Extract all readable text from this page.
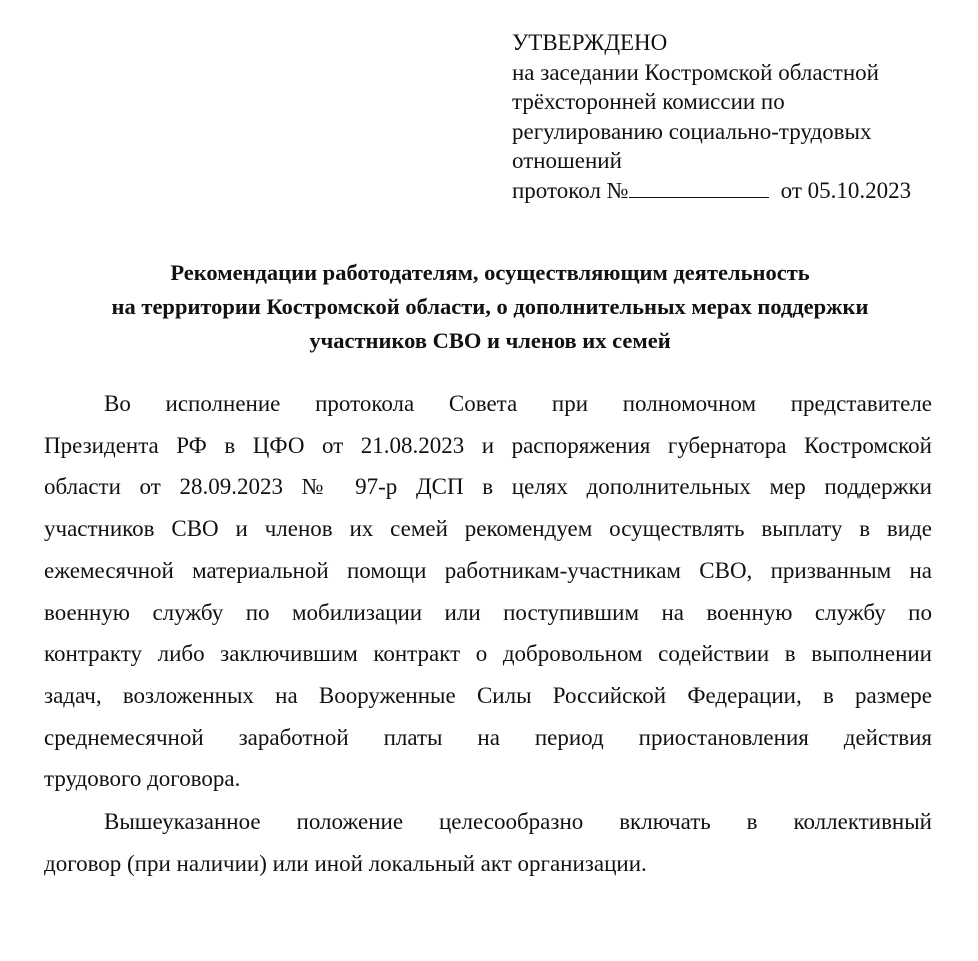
УТВЕРЖДЕНО
на заседании Костромской областной
трёхсторонней комиссии по
регулированию социально-трудовых
отношений
протокол №	от 05.10.2023
Рекомендации работодателям, осуществляющим деятельность
на территории Костромской области, о дополнительных мерах поддержки
участников СВО и членов их семей

Во исполнение протокола Совета при полномочном представителе
Президента РФ в ЦФО от 21.08.2023 и распоряжения губернатора Костромской
области от 28.09.2023 № 97-р ДСП в целях дополнительных мер поддержки
участников СВО и членов их семей рекомендуем осуществлять выплату в виде
ежемесячной материальной помощи работникам-участникам СВО, призванным на
военную службу по мобилизации или поступившим на военную службу по
контракту либо заключившим контракт о добровольном содействии в выполнении
задач, возложенных на Вооруженные Силы Российской Федерации, в размере
среднемесячной заработной платы на период приостановления действия
трудового договора.

Вышеуказанное положение целесообразно включать в коллективный
договор (при наличии) или иной локальный акт организации.
